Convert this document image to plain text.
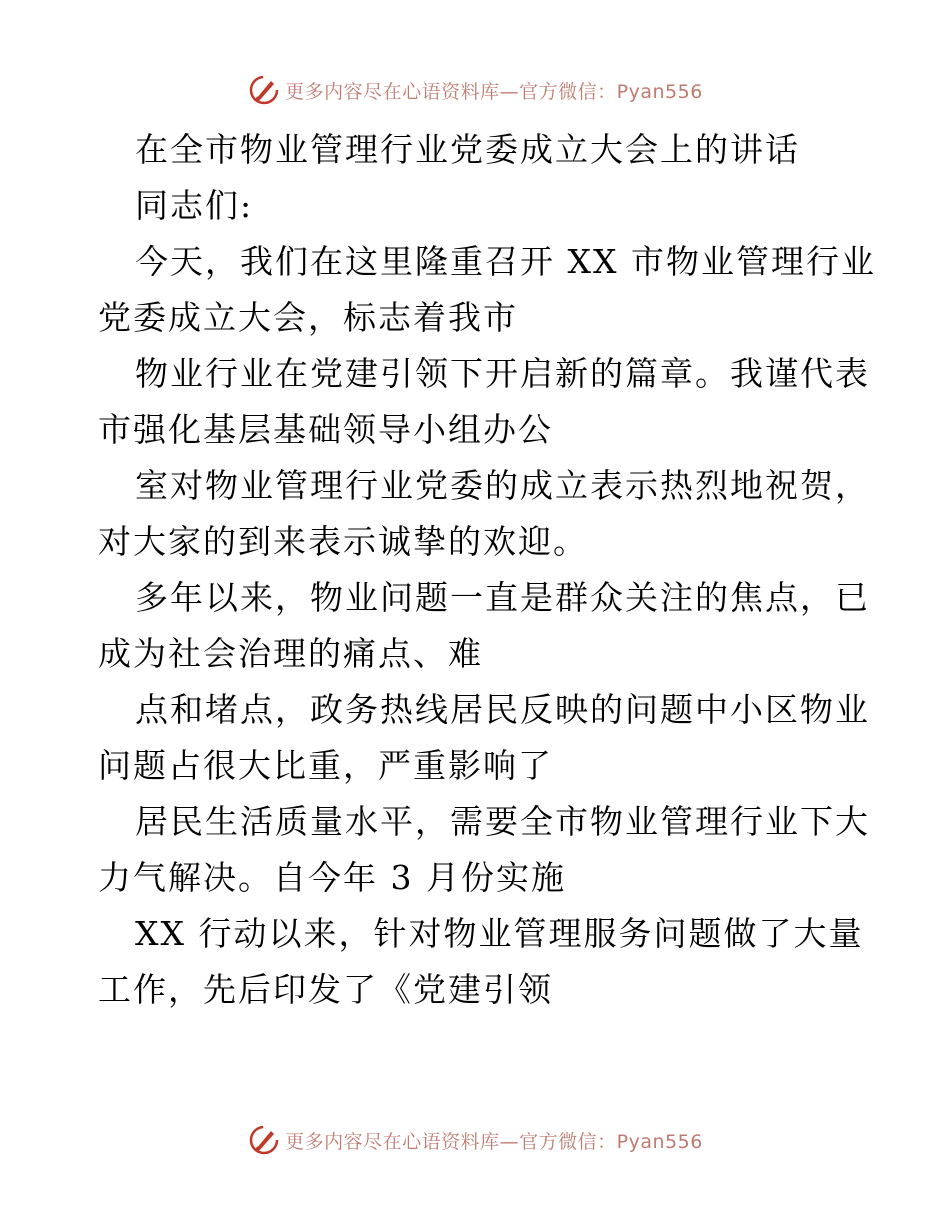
更多内容尽在心语资料库—官方微信：Pyan556
在全市物业管理行业党委成立大会上的讲话
同志们:
今天，我们在这里隆重召开 XX 市物业管理行业
党委成立大会，标志着我市
物业行业在党建引领下开启新的篇章。我谨代表
市强化基层基础领导小组办公
室对物业管理行业党委的成立表示热烈地祝贺，
对大家的到来表示诚挚的欢迎。
多年以来，物业问题一直是群众关注的焦点，已
成为社会治理的痛点、难
点和堵点，政务热线居民反映的问题中小区物业
问题占很大比重，严重影响了
居民生活质量水平，需要全市物业管理行业下大
力气解决。自今年 3 月份实施
XX 行动以来，针对物业管理服务问题做了大量
工作，先后印发了《党建引领
更多内容尽在心语资料库—官方微信：Pyan556
